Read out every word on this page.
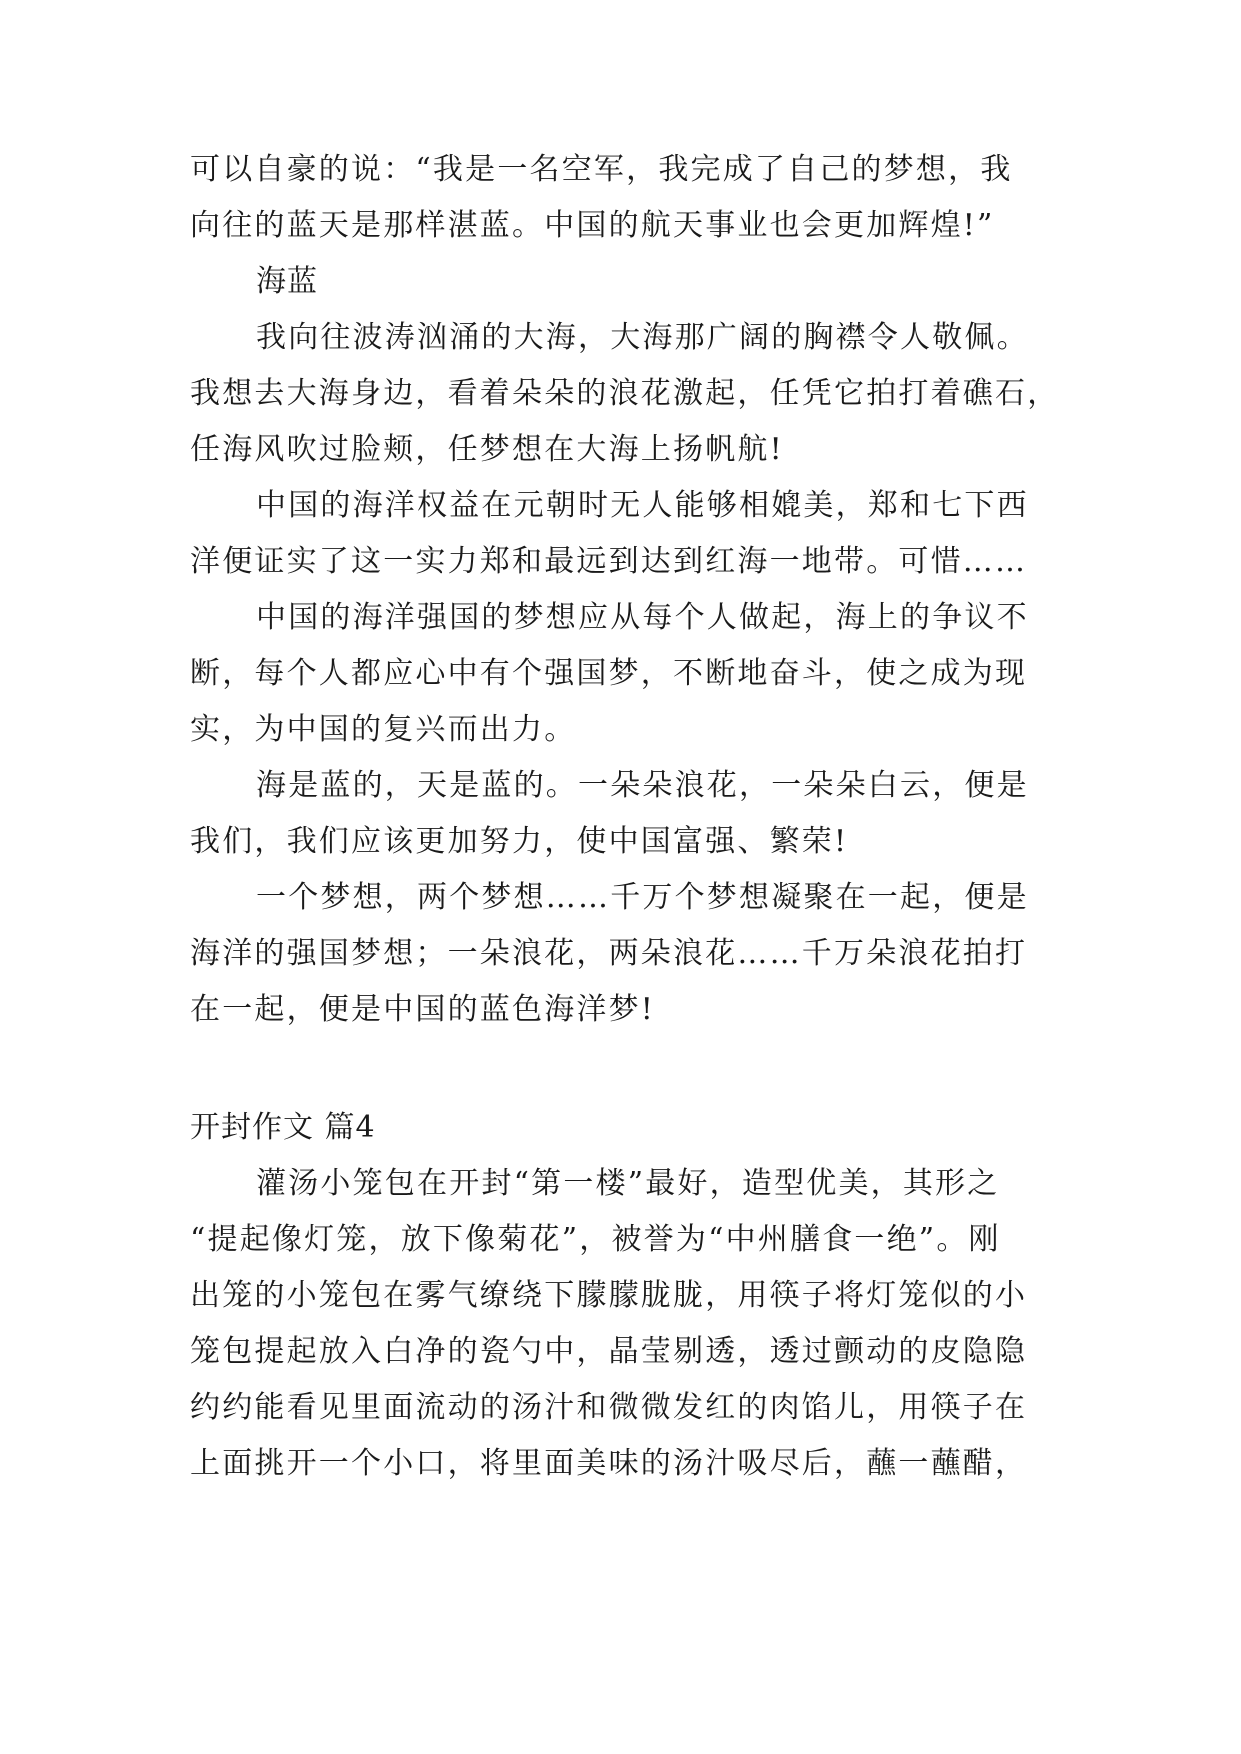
可以自豪的说：“我是一名空军，我完成了自己的梦想，我
向往的蓝天是那样湛蓝。中国的航天事业也会更加辉煌!”
海蓝
我向往波涛汹涌的大海，大海那广阔的胸襟令人敬佩。
我想去大海身边，看着朵朵的浪花激起，任凭它拍打着礁石，
任海风吹过脸颊，任梦想在大海上扬帆航!
中国的海洋权益在元朝时无人能够相媲美，郑和七下西
洋便证实了这一实力郑和最远到达到红海一地带。可惜……
中国的海洋强国的梦想应从每个人做起，海上的争议不
断，每个人都应心中有个强国梦，不断地奋斗，使之成为现
实，为中国的复兴而出力。
海是蓝的，天是蓝的。一朵朵浪花，一朵朵白云，便是
我们，我们应该更加努力，使中国富强、繁荣!
一个梦想，两个梦想……千万个梦想凝聚在一起，便是
海洋的强国梦想；一朵浪花，两朵浪花……千万朵浪花拍打
在一起，便是中国的蓝色海洋梦!
开封作文 篇4
灌汤小笼包在开封“第一楼”最好，造型优美，其形之
“提起像灯笼，放下像菊花”，被誉为“中州膳食一绝”。刚
出笼的小笼包在雾气缭绕下朦朦胧胧，用筷子将灯笼似的小
笼包提起放入白净的瓷勺中，晶莹剔透，透过颤动的皮隐隐
约约能看见里面流动的汤汁和微微发红的肉馅儿，用筷子在
上面挑开一个小口，将里面美味的汤汁吸尽后，蘸一蘸醋，
